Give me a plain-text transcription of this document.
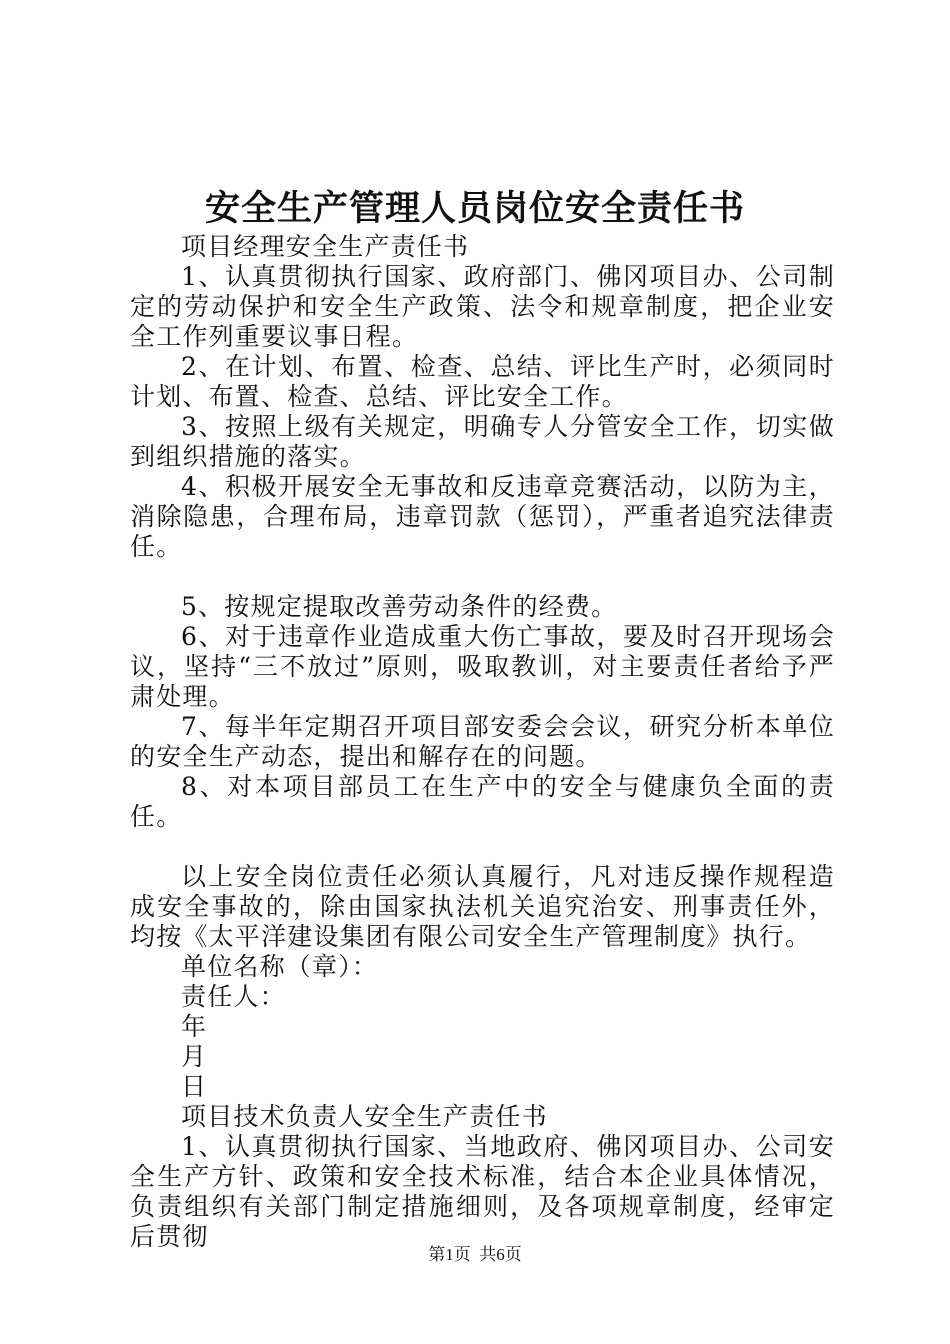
安全生产管理人员岗位安全责任书

项目经理安全生产责任书

1、认真贯彻执行国家、政府部门、佛冈项目办、公司制定的劳动保护和安全生产政策、法令和规章制度，把企业安全工作列重要议事日程。

2、在计划、布置、检查、总结、评比生产时，必须同时计划、布置、检查、总结、评比安全工作。

3、按照上级有关规定，明确专人分管安全工作，切实做到组织措施的落实。

4、积极开展安全无事故和反违章竞赛活动，以防为主，消除隐患，合理布局，违章罚款（惩罚），严重者追究法律责任。

5、按规定提取改善劳动条件的经费。

6、对于违章作业造成重大伤亡事故，要及时召开现场会议，坚持“三不放过”原则，吸取教训，对主要责任者给予严肃处理。

7、每半年定期召开项目部安委会会议，研究分析本单位的安全生产动态，提出和解存在的问题。

8、对本项目部员工在生产中的安全与健康负全面的责任。

以上安全岗位责任必须认真履行，凡对违反操作规程造成安全事故的，除由国家执法机关追究治安、刑事责任外，均按《太平洋建设集团有限公司安全生产管理制度》执行。

单位名称（章）：

责任人：

年

月

日

项目技术负责人安全生产责任书

1、认真贯彻执行国家、当地政府、佛冈项目办、公司安全生产方针、政策和安全技术标准，结合本企业具体情况，负责组织有关部门制定措施细则，及各项规章制度，经审定后贯彻

第1页  共6页
